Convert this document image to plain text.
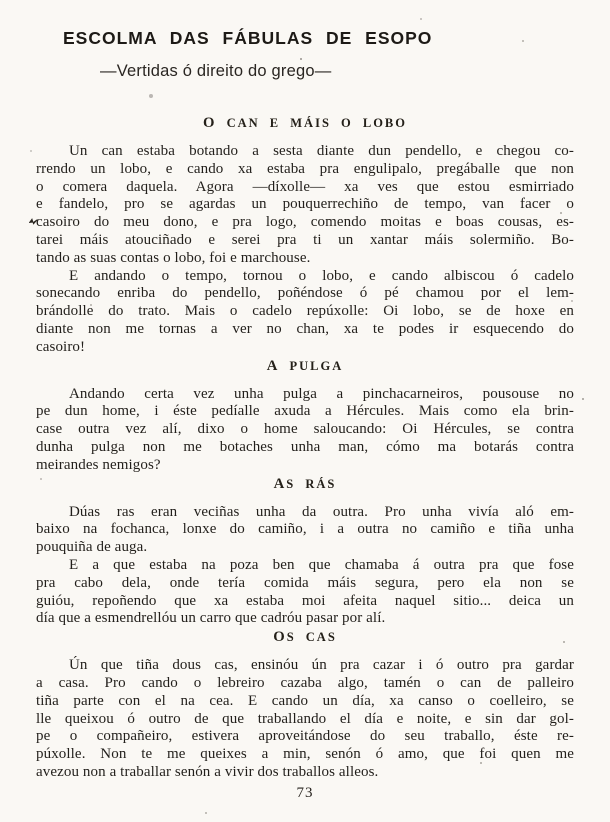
ESCOLMA DAS FÁBULAS DE ESOPO
—Vertidas ó direito do grego—
O CAN E MÁIS O LOBO
Un can estaba botando a sesta diante dun pendello, e chegou co-
rrendo un lobo, e cando xa estaba pra engulipalo, pregáballe que non
o comera daquela. Agora —díxolle— xa ves que estou esmirriado
e fandelo, pro se agardas un pouquerrechiño de tempo, van facer o
casoiro do meu dono, e pra logo, comendo moitas e boas cousas, es-
tarei máis atouciñado e serei pra ti un xantar máis solermiño. Bo-
tando as suas contas o lobo, foi e marchouse.
E andando o tempo, tornou o lobo, e cando albiscou ó cadelo
sonecando enriba do pendello, poñéndose ó pé chamou por el lem-
brándolle do trato. Mais o cadelo repúxolle: Oi lobo, se de hoxe en
diante non me tornas a ver no chan, xa te podes ir esquecendo do
casoiro!
A PULGA
Andando certa vez unha pulga a pinchacarneiros, pousouse no
pe dun home, i éste pedíalle axuda a Hércules. Mais como ela brin-
case outra vez alí, dixo o home saloucando: Oi Hércules, se contra
dunha pulga non me botaches unha man, cómo ma botarás contra
meirandes nemigos?
AS RÁS
Dúas ras eran veciñas unha da outra. Pro unha vivía aló em-
baixo na fochanca, lonxe do camiño, i a outra no camiño e tiña unha
pouquiña de auga.
E a que estaba na poza ben que chamaba á outra pra que fose
pra cabo dela, onde tería comida máis segura, pero ela non se
guióu, repoñendo que xa estaba moi afeita naquel sitio... deica un
día que a esmendrellóu un carro que cadróu pasar por alí.
OS CAS
Ún que tiña dous cas, ensinóu ún pra cazar i ó outro pra gardar
a casa. Pro cando o lebreiro cazaba algo, tamén o can de palleiro
tiña parte con el na cea. E cando un día, xa canso o coelleiro, se
lle queixou ó outro de que traballando el día e noite, e sin dar gol-
pe o compañeiro, estivera aproveitándose do seu traballo, éste re-
púxolle. Non te me queixes a min, senón ó amo, que foi quen me
avezou non a traballar senón a vivir dos traballos alleos.
73
